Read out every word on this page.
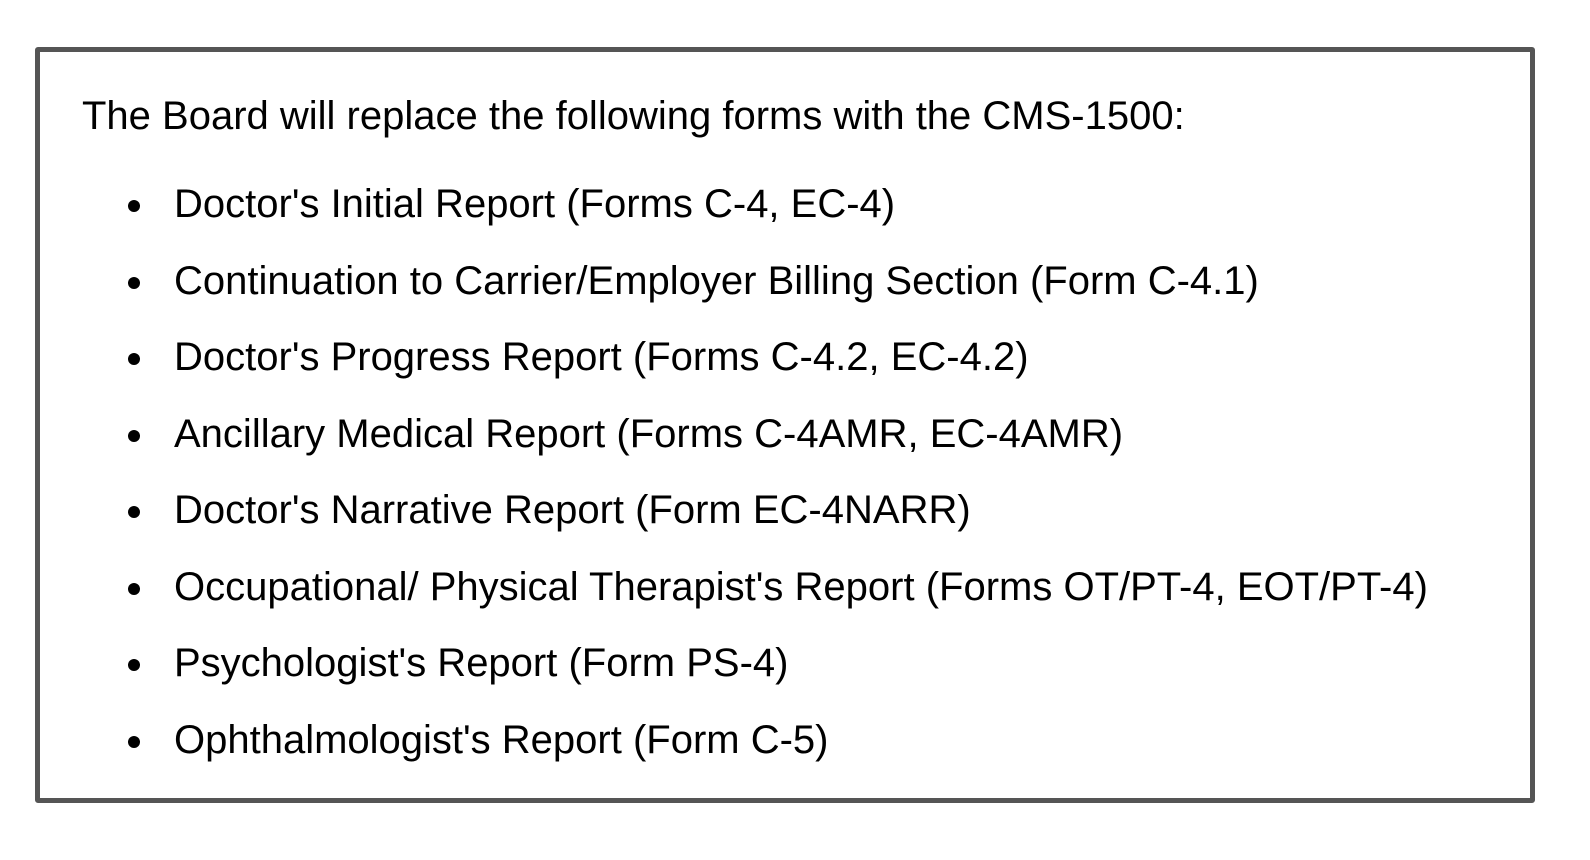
The Board will replace the following forms with the CMS-1500:

Doctor's Initial Report (Forms C-4, EC-4)
Continuation to Carrier/Employer Billing Section (Form C-4.1)
Doctor's Progress Report (Forms C-4.2, EC-4.2)
Ancillary Medical Report (Forms C-4AMR, EC-4AMR)
Doctor's Narrative Report (Form EC-4NARR)
Occupational/ Physical Therapist's Report (Forms OT/PT-4, EOT/PT-4)
Psychologist's Report (Form PS-4)
Ophthalmologist's Report (Form C-5)
